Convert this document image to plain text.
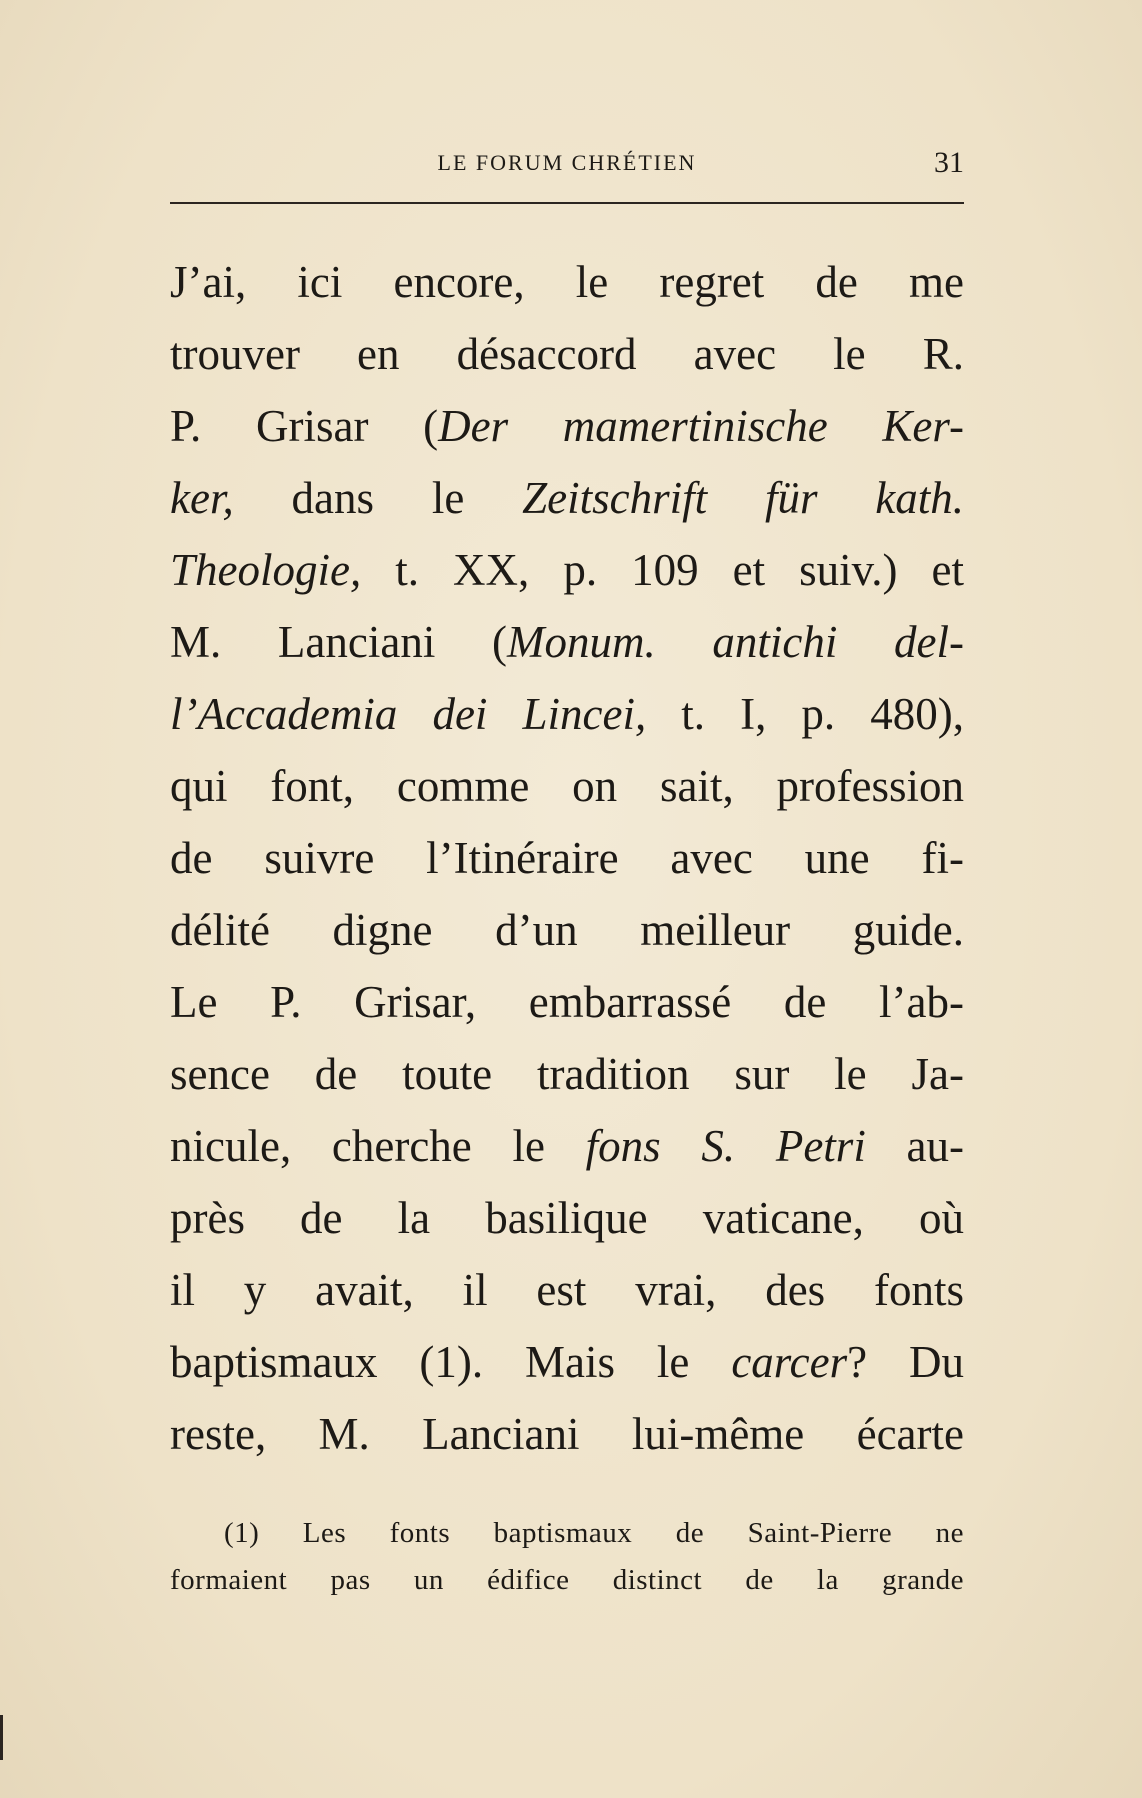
LE FORUM CHRÉTIEN	31
J’ai, ici encore, le regret de me
trouver en désaccord avec le R.
P. Grisar (Der mamertinische Ker-
ker, dans le Zeitschrift für kath.
Theologie, t. XX, p. 109 et suiv.) et
M. Lanciani (Monum. antichi del-
l’Accademia dei Lincei, t. I, p. 480),
qui font, comme on sait, profession
de suivre l’Itinéraire avec une fi-
délité digne d’un meilleur guide.
Le P. Grisar, embarrassé de l’ab-
sence de toute tradition sur le Ja-
nicule, cherche le fons S. Petri au-
près de la basilique vaticane, où
il y avait, il est vrai, des fonts
baptismaux (1). Mais le carcer? Du
reste, M. Lanciani lui-même écarte
(1) Les fonts baptismaux de Saint-Pierre ne
formaient pas un édifice distinct de la grande
